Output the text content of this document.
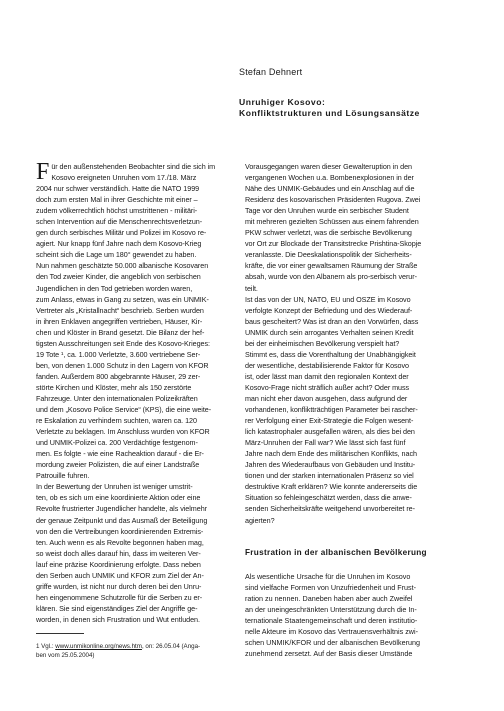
Stefan Dehnert
Unruhiger Kosovo:
Konfliktstrukturen und Lösungsansätze
F ür den außenstehenden Beobachter sind die sich im
Kosovo ereigneten Unruhen vom 17./18. März
2004 nur schwer verständlich. Hatte die NATO 1999
doch zum ersten Mal in ihrer Geschichte mit einer –
zudem völkerrechtlich höchst umstrittenen - militäri-
schen Intervention auf die Menschenrechtsverletzun-
gen durch serbisches Militär und Polizei im Kosovo re-
agiert. Nur knapp fünf Jahre nach dem Kosovo-Krieg
scheint sich die Lage um 180° gewendet zu haben.
Nun nahmen geschätzte 50.000 albanische Kosovaren
den Tod zweier Kinder, die angeblich von serbischen
Jugendlichen in den Tod getrieben worden waren,
zum Anlass, etwas in Gang zu setzen, was ein UNMIK-
Vertreter als „Kristallnacht“ beschrieb. Serben wurden
in ihren Enklaven angegriffen vertrieben, Häuser, Kir-
chen und Klöster in Brand gesetzt. Die Bilanz der hef-
tigsten Ausschreitungen seit Ende des Kosovo-Krieges:
19 Tote ¹, ca. 1.000 Verletzte, 3.600 vertriebene Ser-
ben, von denen 1.000 Schutz in den Lagern von KFOR
fanden. Außerdem 800 abgebrannte Häuser, 29 zer-
störte Kirchen und Klöster, mehr als 150 zerstörte
Fahrzeuge. Unter den internationalen Polizeikräften
und dem „Kosovo Police Service“ (KPS), die eine weite-
re Eskalation zu verhindern suchten, waren ca. 120
Verletzte zu beklagen. Im Anschluss wurden von KFOR
und UNMIK-Polizei ca. 200 Verdächtige festgenom-
men. Es folgte - wie eine Racheaktion darauf - die Er-
mordung zweier Polizisten, die auf einer Landstraße
Patrouille fuhren.
In der Bewertung der Unruhen ist weniger umstrit-
ten, ob es sich um eine koordinierte Aktion oder eine
Revolte frustrierter Jugendlicher handelte, als vielmehr
der genaue Zeitpunkt und das Ausmaß der Beteiligung
von den die Vertreibungen koordinierenden Extremis-
ten. Auch wenn es als Revolte begonnen haben mag,
so weist doch alles darauf hin, dass im weiteren Ver-
lauf eine präzise Koordinierung erfolgte. Dass neben
den Serben auch UNMIK und KFOR zum Ziel der An-
griffe wurden, ist nicht nur durch deren bei den Unru-
hen eingenommene Schutzrolle für die Serben zu er-
klären. Sie sind eigenständiges Ziel der Angriffe ge-
worden, in denen sich Frustration und Wut entluden.
Vorausgegangen waren dieser Gewalteruption in den
vergangenen Wochen u.a. Bombenexplosionen in der
Nähe des UNMIK-Gebäudes und ein Anschlag auf die
Residenz des kosovarischen Präsidenten Rugova. Zwei
Tage vor den Unruhen wurde ein serbischer Student
mit mehreren gezielten Schüssen aus einem fahrenden
PKW schwer verletzt, was die serbische Bevölkerung
vor Ort zur Blockade der Transitstrecke Prishtina-Skopje
veranlasste. Die Deeskalationspolitik der Sicherheits-
kräfte, die vor einer gewaltsamen Räumung der Straße
absah, wurde von den Albanern als pro-serbisch verur-
teilt.
Ist das von der UN, NATO, EU und OSZE im Kosovo
verfolgte Konzept der Befriedung und des Wiederauf-
baus gescheitert? Was ist dran an den Vorwürfen, dass
UNMIK durch sein arrogantes Verhalten seinen Kredit
bei der einheimischen Bevölkerung verspielt hat?
Stimmt es, dass die Vorenthaltung der Unabhängigkeit
der wesentliche, destabilisierende Faktor für Kosovo
ist, oder lässt man damit den regionalen Kontext der
Kosovo-Frage nicht sträflich außer acht? Oder muss
man nicht eher davon ausgehen, dass aufgrund der
vorhandenen, konfliktträchtigen Parameter bei rascher-
rer Verfolgung einer Exit-Strategie die Folgen wesent-
lich katastrophaler ausgefallen wären, als dies bei den
März-Unruhen der Fall war? Wie lässt sich fast fünf
Jahre nach dem Ende des militärischen Konflikts, nach
Jahren des Wiederaufbaus von Gebäuden und Institu-
tionen und der starken internationalen Präsenz so viel
destruktive Kraft erklären? Wie konnte andererseits die
Situation so fehleingeschätzt werden, dass die anwe-
senden Sicherheitskräfte weitgehend unvorbereitet re-
agierten?
Frustration in der albanischen Bevölkerung
Als wesentliche Ursache für die Unruhen im Kosovo
sind vielfache Formen von Unzufriedenheit und Frust-
ration zu nennen. Daneben haben aber auch Zweifel
an der uneingeschränkten Unterstützung durch die In-
ternationale Staatengemeinschaft und deren institutio-
nelle Akteure im Kosovo das Vertrauensverhältnis zwi-
schen UNMIK/KFOR und der albanischen Bevölkerung
zunehmend zersetzt. Auf der Basis dieser Umstände
1 Vgl.: www.unmikonline.org/news.htm, on: 26.05.04 (Anga-
ben vom 25.05.2004)
